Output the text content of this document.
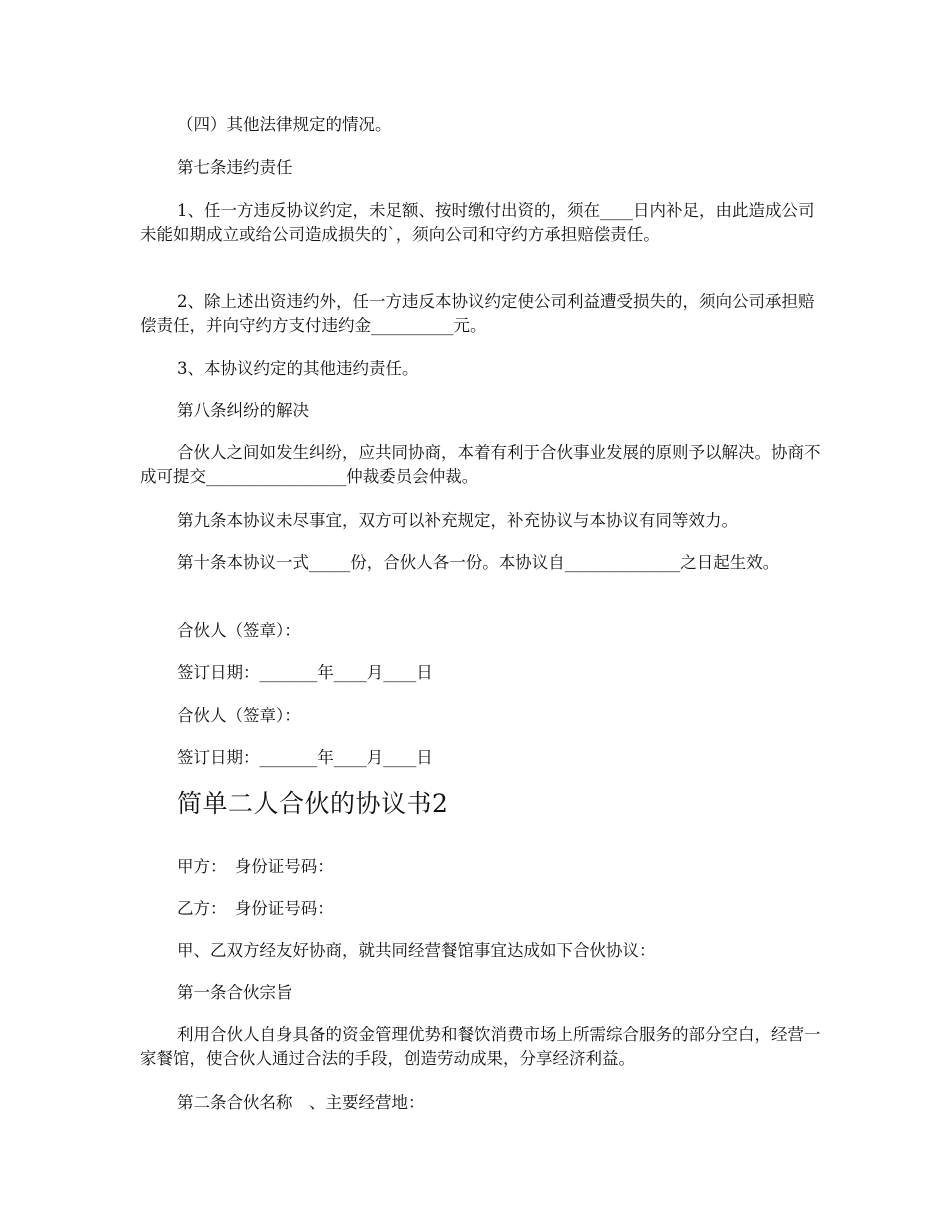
（四）其他法律规定的情况。

第七条违约责任

1、任一方违反协议约定，未足额、按时缴付出资的，须在____日内补足，由此造成公司未能如期成立或给公司造成损失的`，须向公司和守约方承担赔偿责任。

2、除上述出资违约外，任一方违反本协议约定使公司利益遭受损失的，须向公司承担赔偿责任，并向守约方支付违约金__________元。

3、本协议约定的其他违约责任。

第八条纠纷的解决

合伙人之间如发生纠纷，应共同协商，本着有利于合伙事业发展的原则予以解决。协商不成可提交_________________仲裁委员会仲裁。

第九条本协议未尽事宜，双方可以补充规定，补充协议与本协议有同等效力。

第十条本协议一式_____份，合伙人各一份。本协议自______________之日起生效。

合伙人（签章）：

签订日期：_______年____月____日

合伙人（签章）：

签订日期：_______年____月____日

简单二人合伙的协议书2

甲方：　身份证号码：

乙方：　身份证号码：

甲、乙双方经友好协商，就共同经营餐馆事宜达成如下合伙协议：

第一条合伙宗旨

利用合伙人自身具备的资金管理优势和餐饮消费市场上所需综合服务的部分空白，经营一家餐馆，使合伙人通过合法的手段，创造劳动成果，分享经济利益。

第二条合伙名称　、主要经营地：
